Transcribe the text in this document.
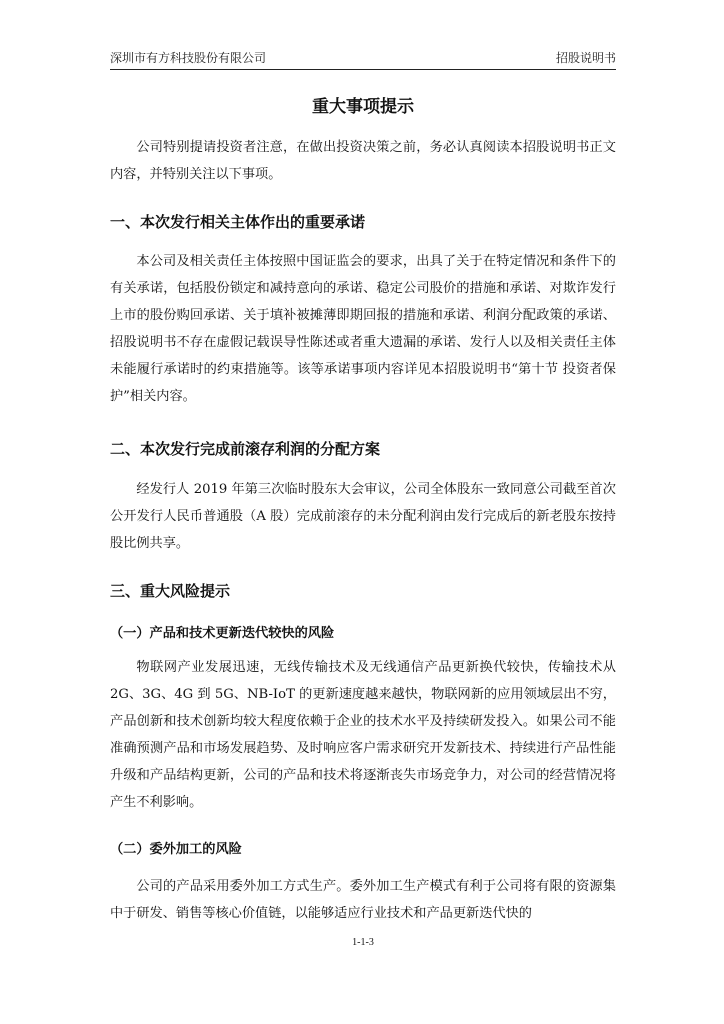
深圳市有方科技股份有限公司	招股说明书
重大事项提示

公司特别提请投资者注意，在做出投资决策之前，务必认真阅读本招股说明书正文内容，并特别关注以下事项。

一、本次发行相关主体作出的重要承诺

本公司及相关责任主体按照中国证监会的要求，出具了关于在特定情况和条件下的有关承诺，包括股份锁定和减持意向的承诺、稳定公司股价的措施和承诺、对欺诈发行上市的股份购回承诺、关于填补被摊薄即期回报的措施和承诺、利润分配政策的承诺、招股说明书不存在虚假记载误导性陈述或者重大遗漏的承诺、发行人以及相关责任主体未能履行承诺时的约束措施等。该等承诺事项内容详见本招股说明书“第十节 投资者保护”相关内容。

二、本次发行完成前滚存利润的分配方案

经发行人 2019 年第三次临时股东大会审议，公司全体股东一致同意公司截至首次公开发行人民币普通股（A 股）完成前滚存的未分配利润由发行完成后的新老股东按持股比例共享。

三、重大风险提示
（一）产品和技术更新迭代较快的风险

物联网产业发展迅速，无线传输技术及无线通信产品更新换代较快，传输技术从 2G、3G、4G 到 5G、NB-IoT 的更新速度越来越快，物联网新的应用领域层出不穷，产品创新和技术创新均较大程度依赖于企业的技术水平及持续研发投入。如果公司不能准确预测产品和市场发展趋势、及时响应客户需求研究开发新技术、持续进行产品性能升级和产品结构更新，公司的产品和技术将逐渐丧失市场竞争力，对公司的经营情况将产生不利影响。

（二）委外加工的风险

公司的产品采用委外加工方式生产。委外加工生产模式有利于公司将有限的资源集中于研发、销售等核心价值链，以能够适应行业技术和产品更新迭代快的

1-1-3
